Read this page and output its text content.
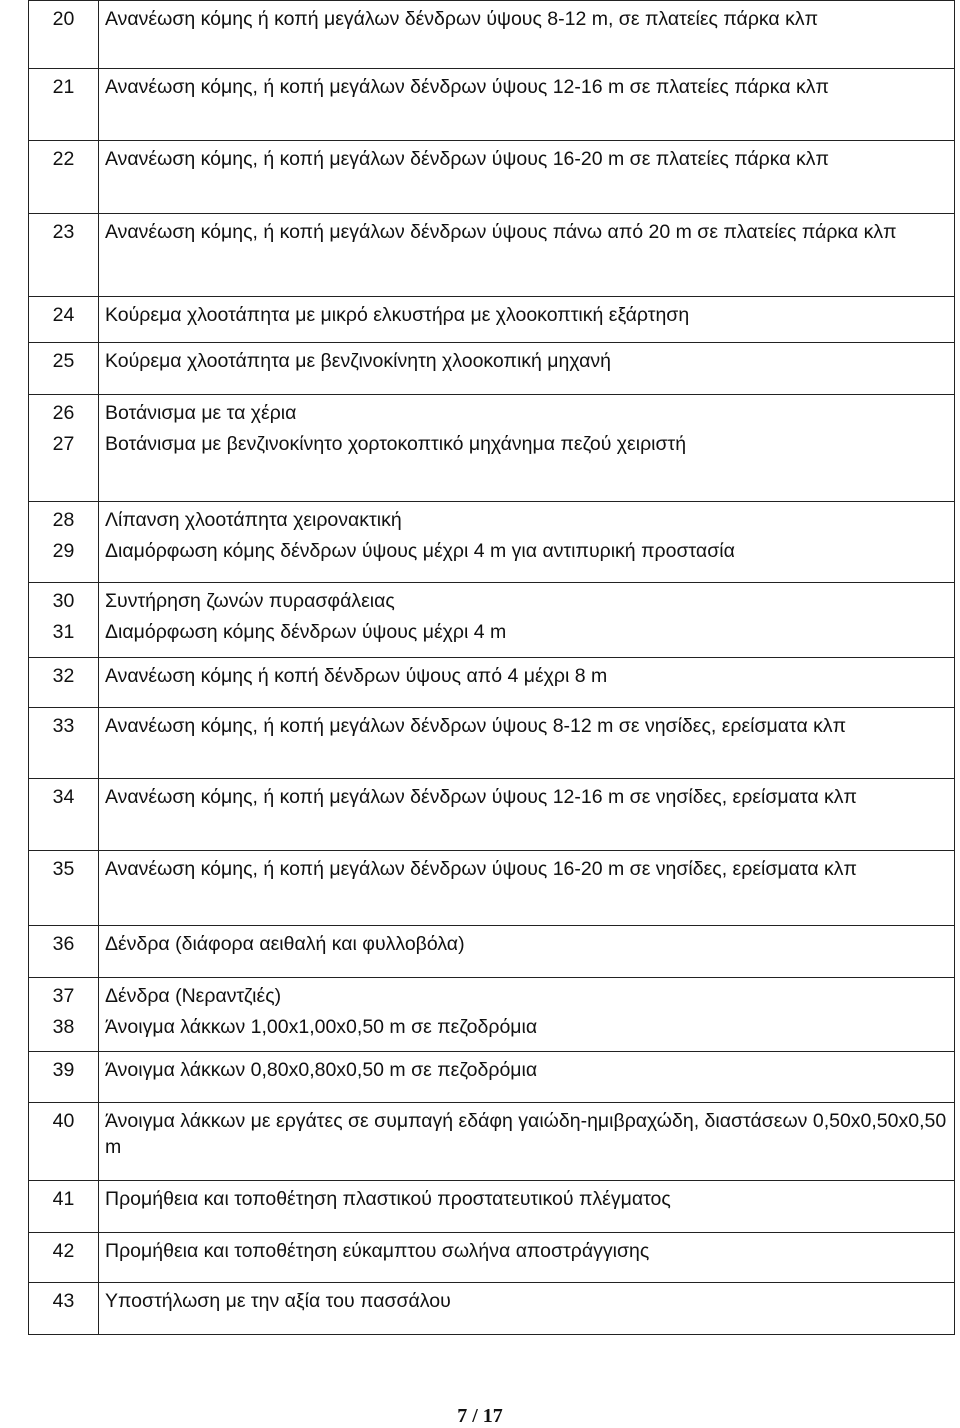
20	Ανανέωση κόμης ή κοπή μεγάλων δένδρων ύψους 8-12 m, σε πλατείες πάρκα κλπ
21	Ανανέωση κόμης, ή κοπή μεγάλων δένδρων ύψους 12-16 m σε πλατείες πάρκα κλπ
22	Ανανέωση κόμης, ή κοπή μεγάλων δένδρων ύψους 16-20 m σε πλατείες πάρκα κλπ
23	Ανανέωση κόμης, ή κοπή μεγάλων δένδρων ύψους πάνω από 20 m σε πλατείες πάρκα κλπ
24	Κούρεμα χλοοτάπητα με μικρό ελκυστήρα με χλοοκοπτική εξάρτηση
25	Κούρεμα χλοοτάπητα με βενζινοκίνητη χλοοκοπική μηχανή
26	Βοτάνισμα με τα χέρια
27	Βοτάνισμα με βενζινοκίνητο χορτοκοπτικό μηχάνημα πεζού χειριστή
28	Λίπανση χλοοτάπητα χειρονακτική
29	Διαμόρφωση κόμης δένδρων ύψους μέχρι 4 m για αντιπυρική προστασία
30	Συντήρηση ζωνών πυρασφάλειας
31	Διαμόρφωση κόμης δένδρων ύψους μέχρι 4 m
32	Ανανέωση κόμης ή κοπή δένδρων ύψους από 4 μέχρι 8 m
33	Ανανέωση κόμης, ή κοπή μεγάλων δένδρων ύψους 8-12 m σε νησίδες, ερείσματα κλπ
34	Ανανέωση κόμης, ή κοπή μεγάλων δένδρων ύψους 12-16 m σε νησίδες, ερείσματα κλπ
35	Ανανέωση κόμης, ή κοπή μεγάλων δένδρων ύψους 16-20 m σε νησίδες, ερείσματα κλπ
36	Δένδρα (διάφορα αειθαλή και φυλλοβόλα)
37	Δένδρα (Νεραντζιές)
38	Άνοιγμα λάκκων 1,00x1,00x0,50 m σε πεζοδρόμια
39	Άνοιγμα λάκκων 0,80x0,80x0,50 m σε πεζοδρόμια
40	Άνοιγμα λάκκων με εργάτες σε συμπαγή εδάφη γαιώδη-ημιβραχώδη, διαστάσεων 0,50x0,50x0,50 m
41	Προμήθεια και τοποθέτηση πλαστικού προστατευτικού πλέγματος
42	Προμήθεια και τοποθέτηση εύκαμπτου σωλήνα αποστράγγισης
43	Υποστήλωση με την αξία του πασσάλου
7 / 17
